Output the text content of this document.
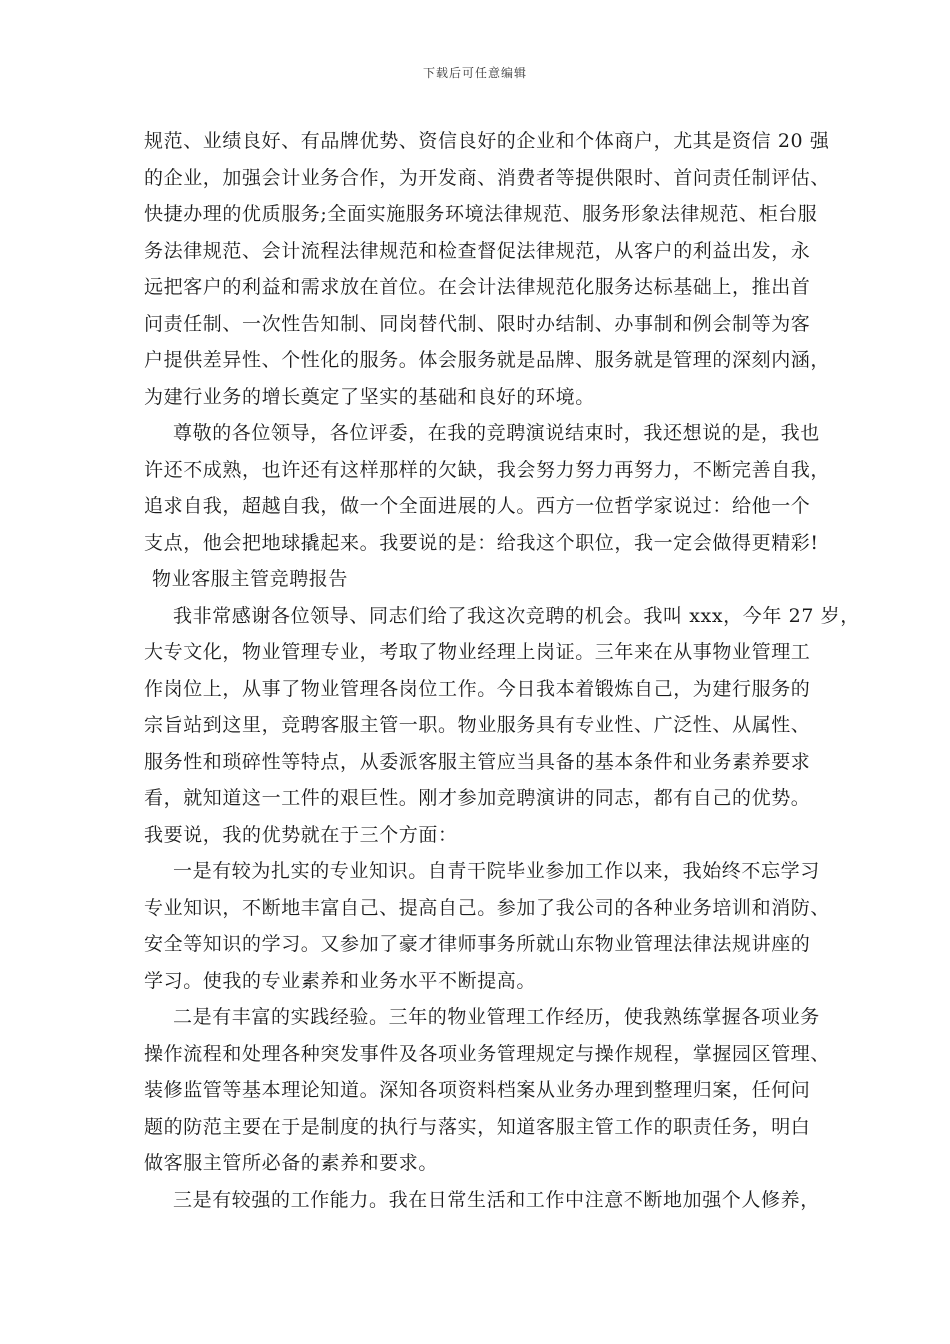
下载后可任意编辑
规范、业绩良好、有品牌优势、资信良好的企业和个体商户，尤其是资信 20 强
的企业，加强会计业务合作，为开发商、消费者等提供限时、首问责任制评估、
快捷办理的优质服务;全面实施服务环境法律规范、服务形象法律规范、柜台服
务法律规范、会计流程法律规范和检查督促法律规范，从客户的利益出发，永
远把客户的利益和需求放在首位。在会计法律规范化服务达标基础上，推出首
问责任制、一次性告知制、同岗替代制、限时办结制、办事制和例会制等为客
户提供差异性、个性化的服务。体会服务就是品牌、服务就是管理的深刻内涵，
为建行业务的增长奠定了坚实的基础和良好的环境。
尊敬的各位领导，各位评委，在我的竞聘演说结束时，我还想说的是，我也
许还不成熟，也许还有这样那样的欠缺，我会努力努力再努力，不断完善自我，
追求自我，超越自我，做一个全面进展的人。西方一位哲学家说过：给他一个
支点，他会把地球撬起来。我要说的是：给我这个职位，我一定会做得更精彩!
物业客服主管竞聘报告
我非常感谢各位领导、同志们给了我这次竞聘的机会。我叫 xxx，今年 27 岁，
大专文化，物业管理专业，考取了物业经理上岗证。三年来在从事物业管理工
作岗位上，从事了物业管理各岗位工作。今日我本着锻炼自己，为建行服务的
宗旨站到这里，竞聘客服主管一职。物业服务具有专业性、广泛性、从属性、
服务性和琐碎性等特点，从委派客服主管应当具备的基本条件和业务素养要求
看，就知道这一工件的艰巨性。刚才参加竞聘演讲的同志，都有自己的优势。
我要说，我的优势就在于三个方面：
一是有较为扎实的专业知识。自青干院毕业参加工作以来，我始终不忘学习
专业知识，不断地丰富自己、提高自己。参加了我公司的各种业务培训和消防、
安全等知识的学习。又参加了豪才律师事务所就山东物业管理法律法规讲座的
学习。使我的专业素养和业务水平不断提高。
二是有丰富的实践经验。三年的物业管理工作经历，使我熟练掌握各项业务
操作流程和处理各种突发事件及各项业务管理规定与操作规程，掌握园区管理、
装修监管等基本理论知道。深知各项资料档案从业务办理到整理归案，任何问
题的防范主要在于是制度的执行与落实，知道客服主管工作的职责任务，明白
做客服主管所必备的素养和要求。
三是有较强的工作能力。我在日常生活和工作中注意不断地加强个人修养，
